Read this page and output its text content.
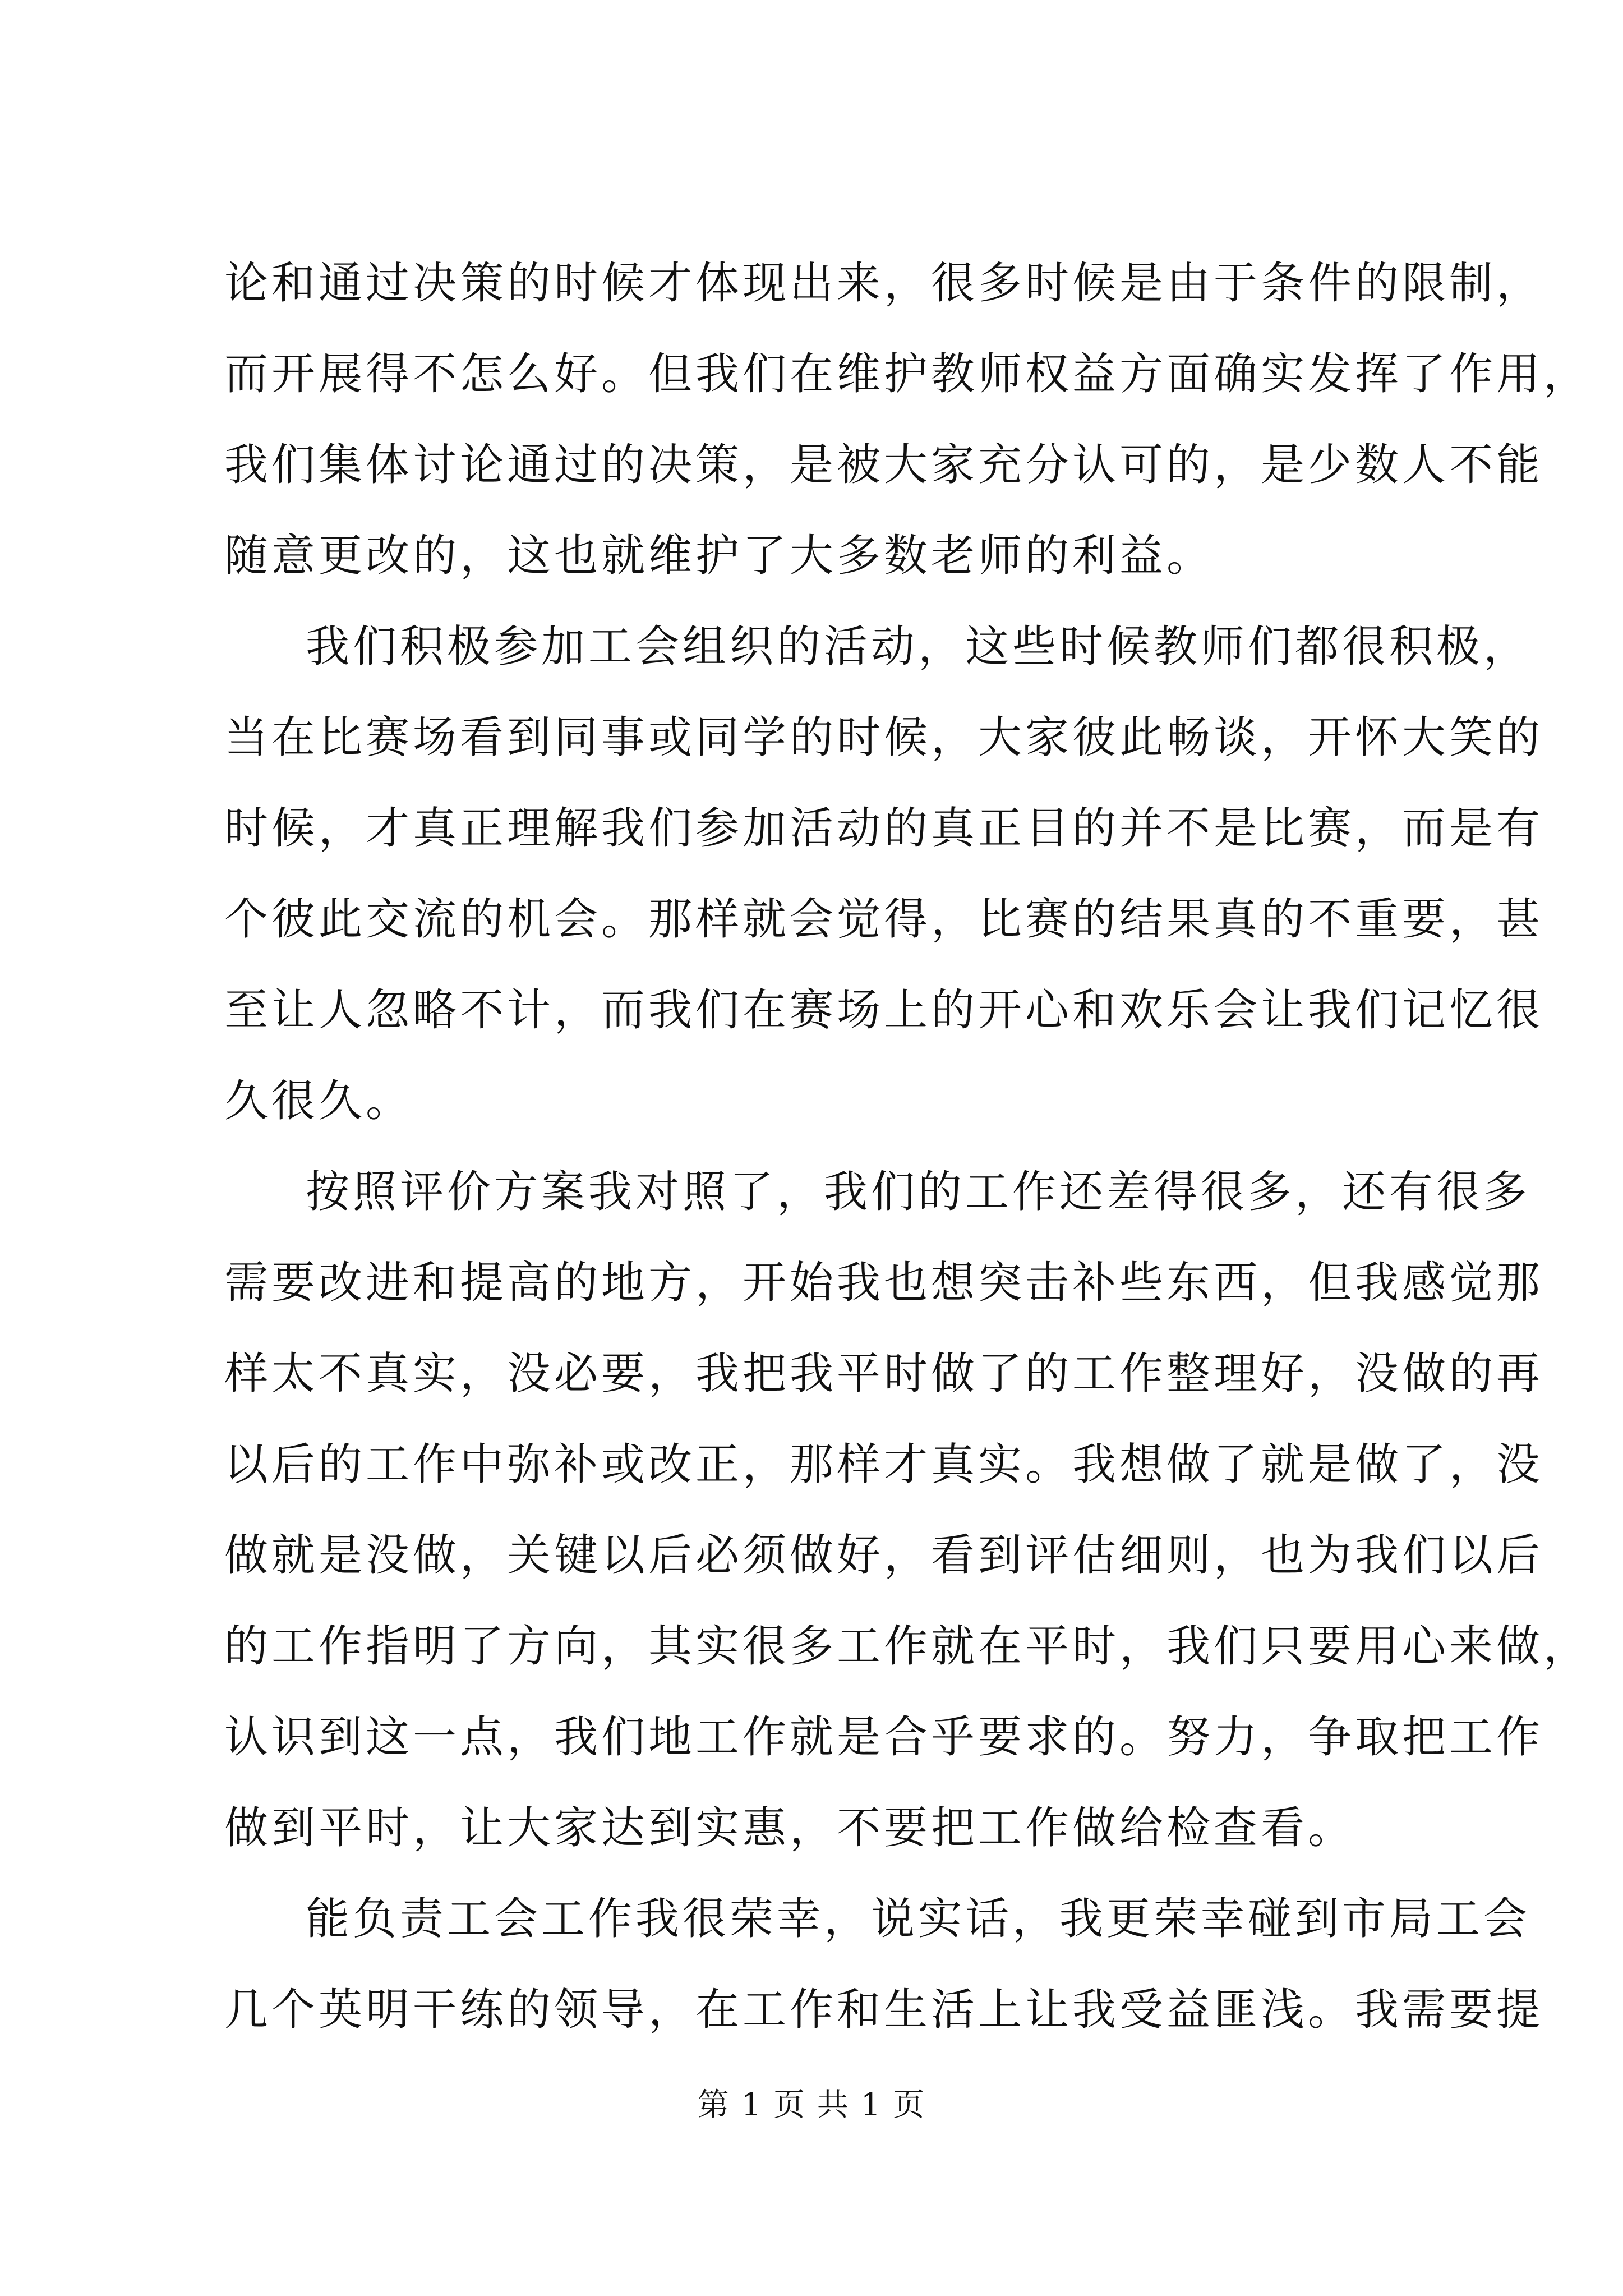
论和通过决策的时候才体现出来，很多时候是由于条件的限制，
而开展得不怎么好。但我们在维护教师权益方面确实发挥了作用，
我们集体讨论通过的决策，是被大家充分认可的，是少数人不能
随意更改的，这也就维护了大多数老师的利益。
我们积极参加工会组织的活动，这些时候教师们都很积极，
当在比赛场看到同事或同学的时候，大家彼此畅谈，开怀大笑的
时候，才真正理解我们参加活动的真正目的并不是比赛，而是有
个彼此交流的机会。那样就会觉得，比赛的结果真的不重要，甚
至让人忽略不计，而我们在赛场上的开心和欢乐会让我们记忆很
久很久。
按照评价方案我对照了，我们的工作还差得很多，还有很多
需要改进和提高的地方，开始我也想突击补些东西，但我感觉那
样太不真实，没必要，我把我平时做了的工作整理好，没做的再
以后的工作中弥补或改正，那样才真实。我想做了就是做了，没
做就是没做，关键以后必须做好，看到评估细则，也为我们以后
的工作指明了方向，其实很多工作就在平时，我们只要用心来做，
认识到这一点，我们地工作就是合乎要求的。努力，争取把工作
做到平时，让大家达到实惠，不要把工作做给检查看。
能负责工会工作我很荣幸，说实话，我更荣幸碰到市局工会
几个英明干练的领导，在工作和生活上让我受益匪浅。我需要提
第 1 页 共 1 页
